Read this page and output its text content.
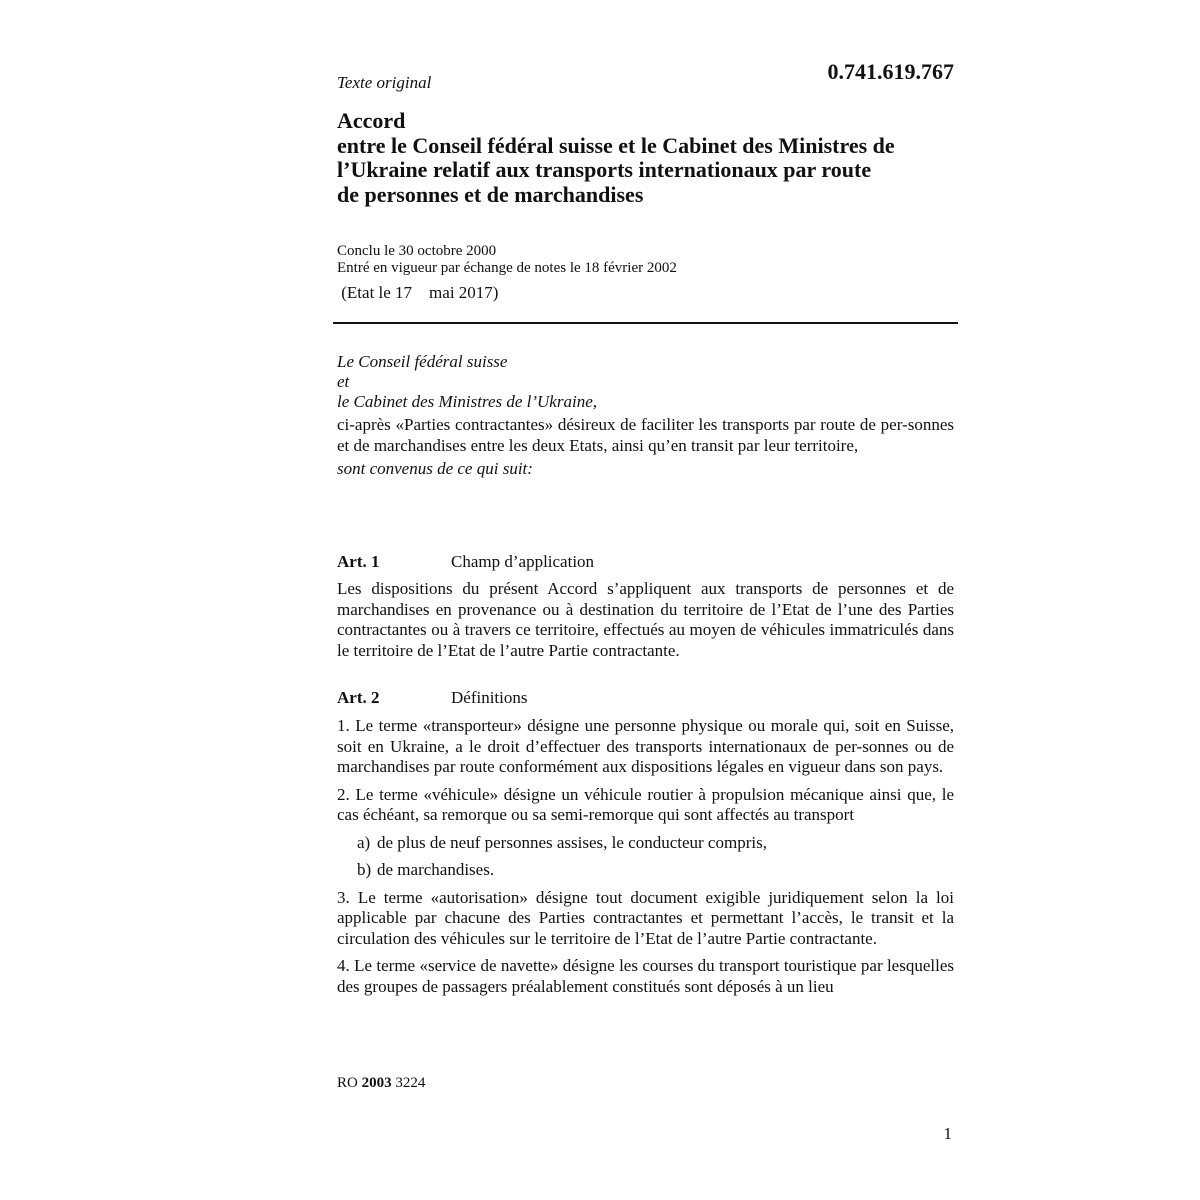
Texte original	0.741.619.767
Accord
entre le Conseil fédéral suisse et le Cabinet des Ministres de
l’Ukraine relatif aux transports internationaux par route
de personnes et de marchandises
Conclu le 30 octobre 2000
Entré en vigueur par échange de notes le 18 février 2002
(Etat le 17    mai 2017)
Le Conseil fédéral suisse
et
le Cabinet des Ministres de l’Ukraine,
ci-après «Parties contractantes» désireux de faciliter les transports par route de per-sonnes et de marchandises entre les deux Etats, ainsi qu’en transit par leur territoire,
sont convenus de ce qui suit:
Art. 1	Champ d’application
Les dispositions du présent Accord s’appliquent aux transports de personnes et de marchandises en provenance ou à destination du territoire de l’Etat de l’une des Parties contractantes ou à travers ce territoire, effectués au moyen de véhicules immatriculés dans le territoire de l’Etat de l’autre Partie contractante.
Art. 2	Définitions
1. Le terme «transporteur» désigne une personne physique ou morale qui, soit en Suisse, soit en Ukraine, a le droit d’effectuer des transports internationaux de per-sonnes ou de marchandises par route conformément aux dispositions légales en vigueur dans son pays.
2. Le terme «véhicule» désigne un véhicule routier à propulsion mécanique ainsi que, le cas échéant, sa remorque ou sa semi-remorque qui sont affectés au transport
a) de plus de neuf personnes assises, le conducteur compris,
b) de marchandises.
3. Le terme «autorisation» désigne tout document exigible juridiquement selon la loi applicable par chacune des Parties contractantes et permettant l’accès, le transit et la circulation des véhicules sur le territoire de l’Etat de l’autre Partie contractante.
4. Le terme «service de navette» désigne les courses du transport touristique par lesquelles des groupes de passagers préalablement constitués sont déposés à un lieu
RO 2003 3224
1
